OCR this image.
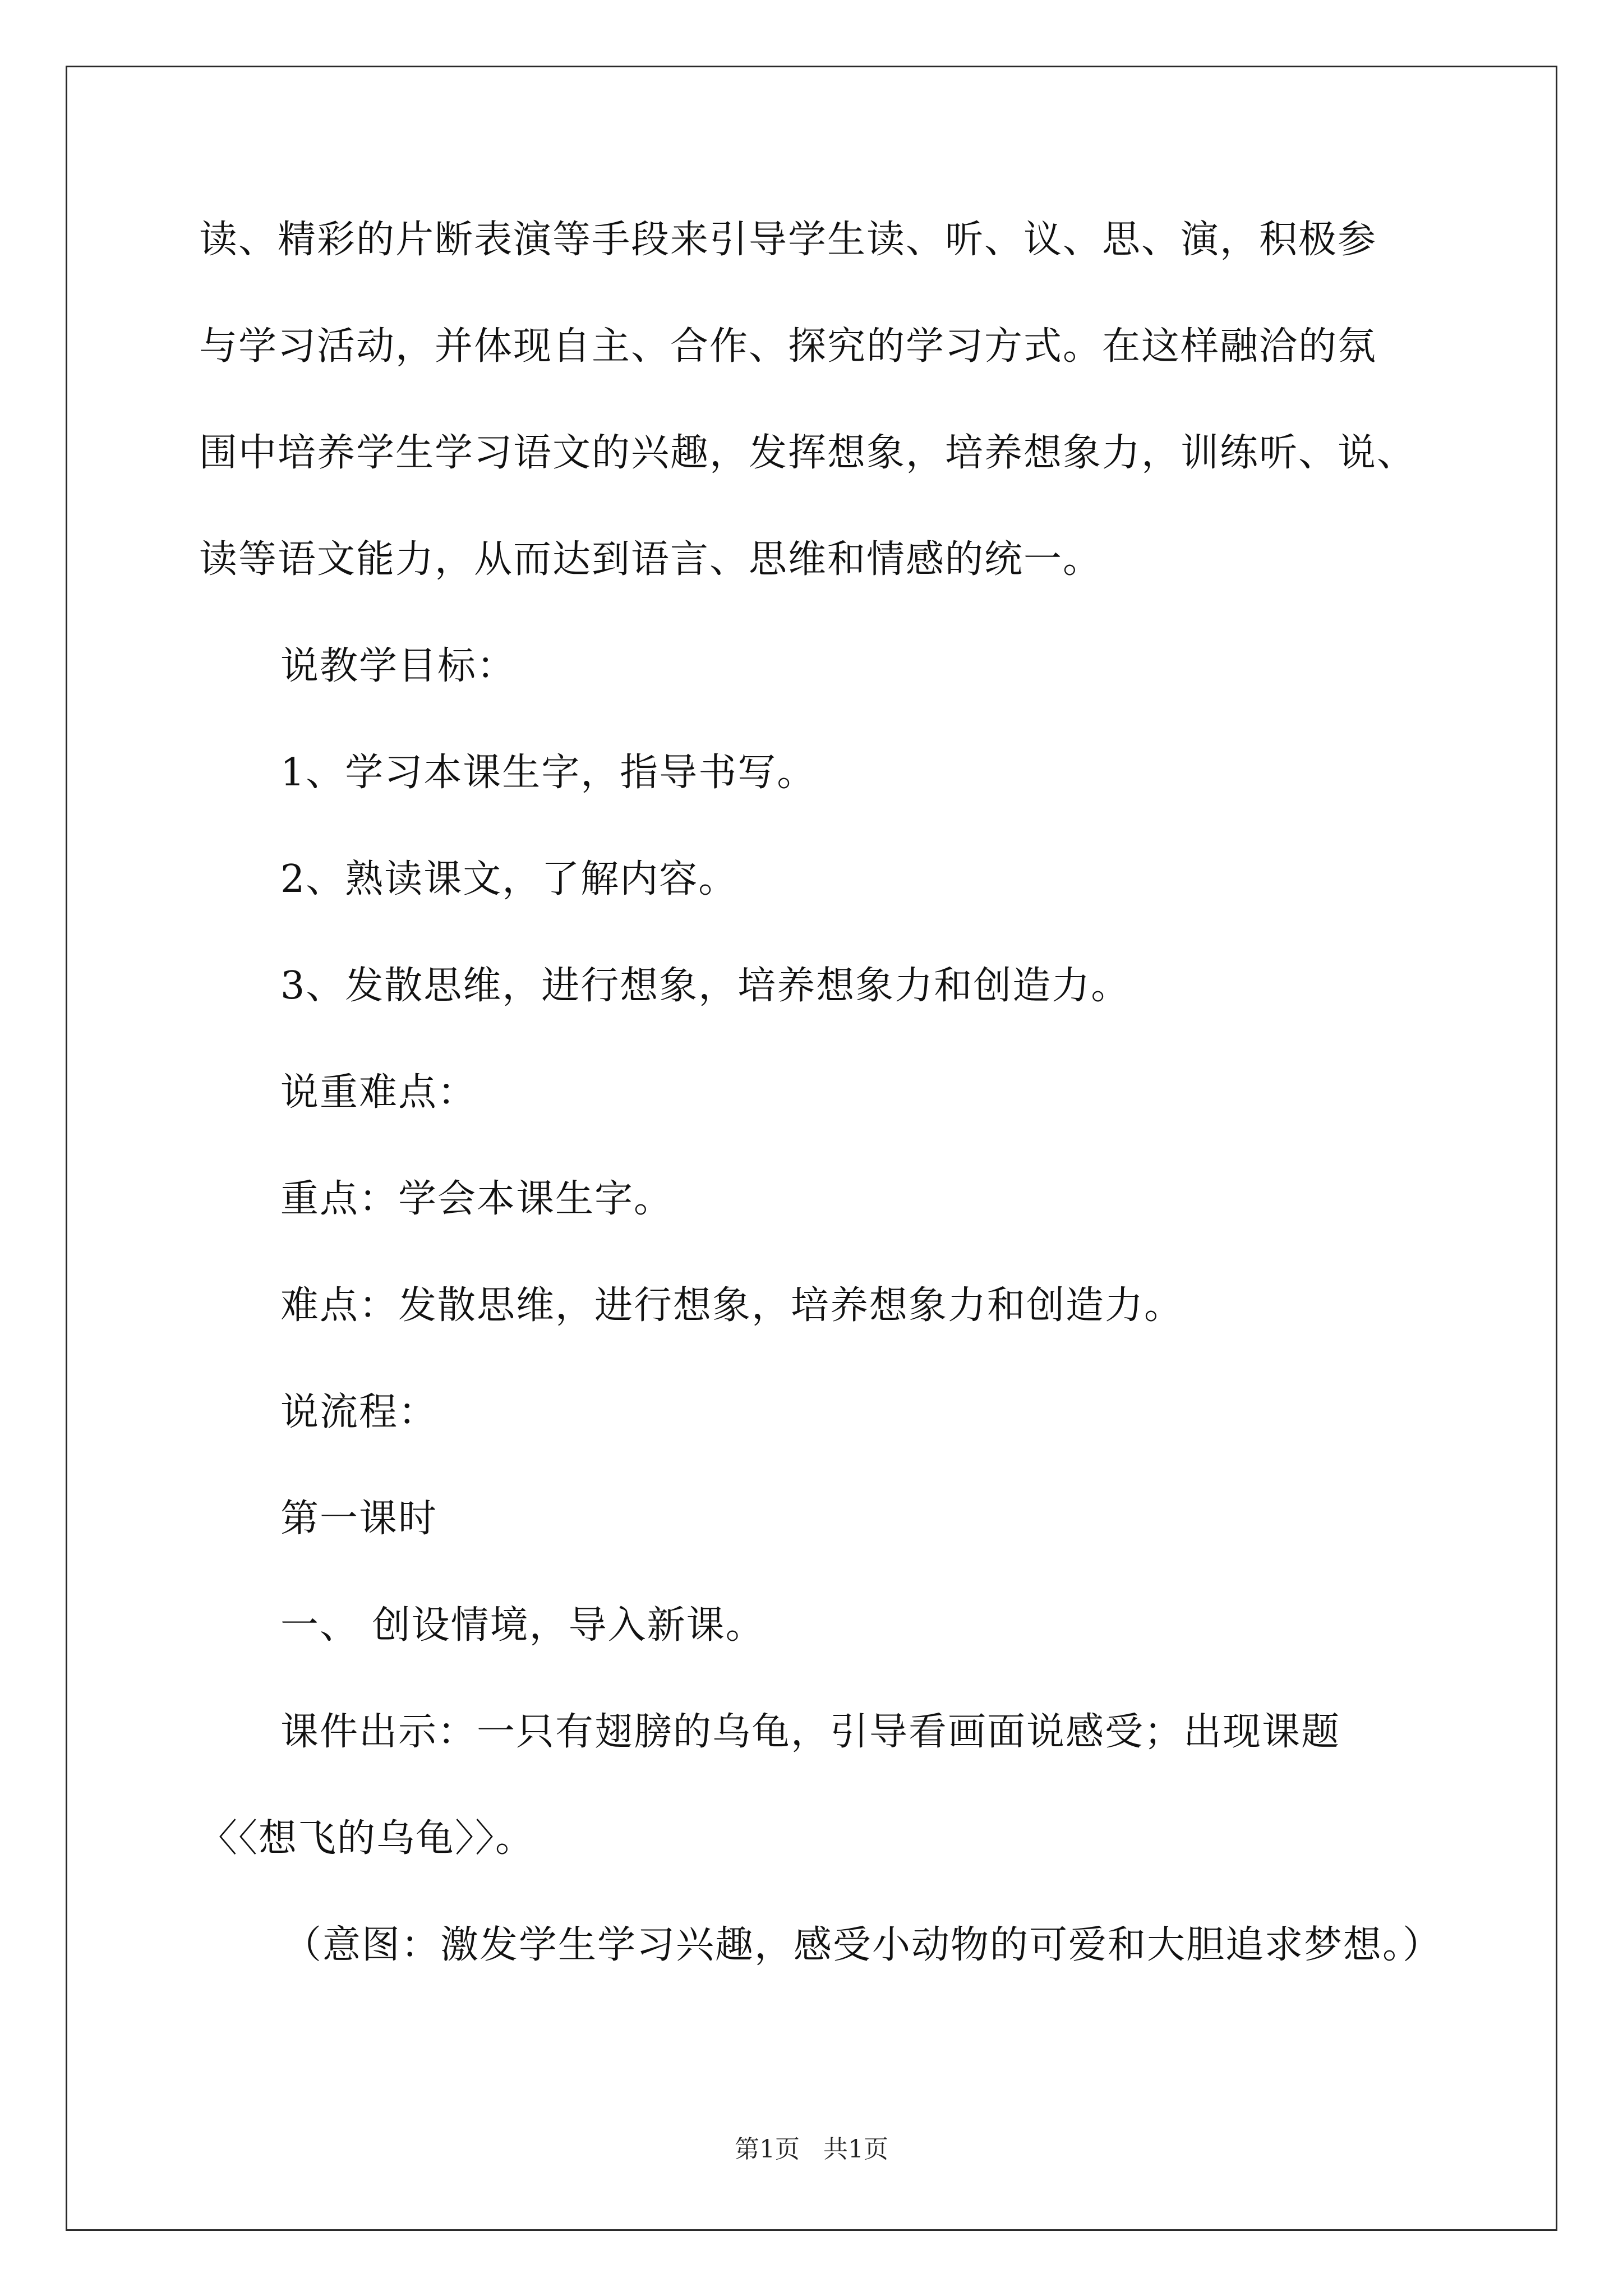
读、精彩的片断表演等手段来引导学生读、听、议、思、演，积极参
与学习活动，并体现自主、合作、探究的学习方式。在这样融洽的氛
围中培养学生学习语文的兴趣，发挥想象，培养想象力，训练听、说、
读等语文能力，从而达到语言、思维和情感的统一。
说教学目标：
1、学习本课生字，指导书写。
2、熟读课文，了解内容。
3、发散思维，进行想象，培养想象力和创造力。
说重难点：
重点：学会本课生字。
难点：发散思维，进行想象，培养想象力和创造力。
说流程：
第一课时
一、 创设情境，导入新课。
课件出示：一只有翅膀的乌龟，引导看画面说感受；出现课题
〈〈想飞的乌龟〉〉。
（意图：激发学生学习兴趣，感受小动物的可爱和大胆追求梦想。）
第1页   共1页
